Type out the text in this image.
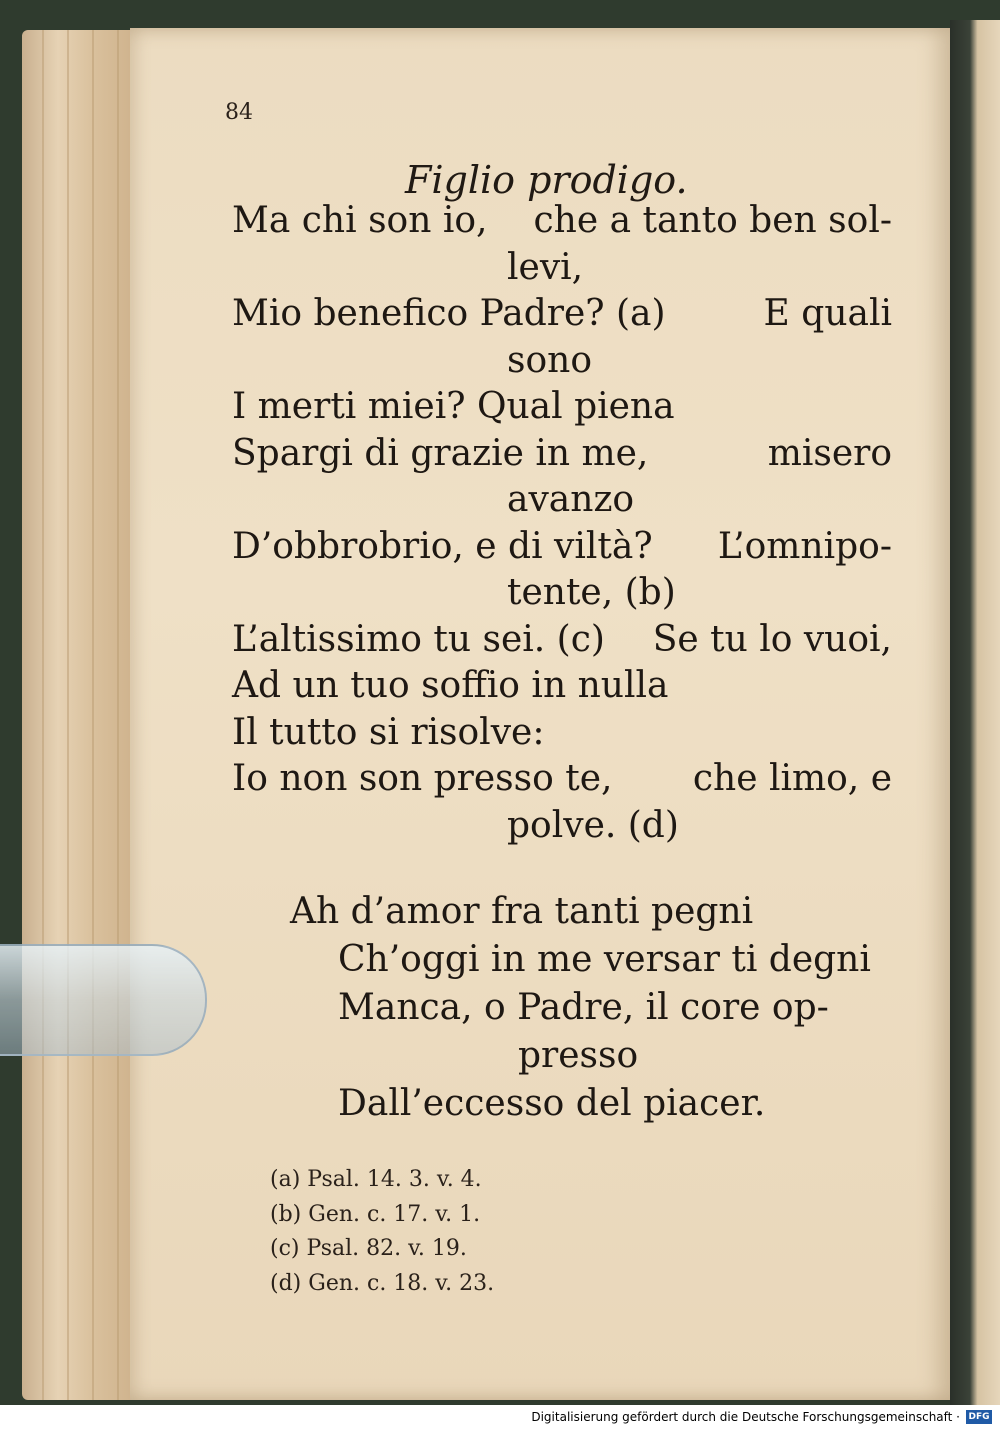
84
Figlio prodigo.
Ma chi son io, che a tanto ben sol-
levi,
Mio benefico Padre? (a)	E quali
sono
I merti miei? Qual piena
Spargi di grazie in me,	misero
avanzo
D’obbrobrio, e di viltà? L’omnipo-
tente, (b)
L’altissimo tu sei. (c) Se tu lo vuoi,
Ad un tuo soffio in nulla
Il tutto si risolve:
Io non son presso te, che limo, e
polve. (d)
Ah d’amor fra tanti pegni
Ch’oggi in me versar ti degni
Manca, o Padre, il core op-
presso
Dall’eccesso del piacer.
(a) Psal. 14. 3. v. 4.
(b) Gen. c. 17. v. 1.
(c) Psal. 82. v. 19.
(d) Gen. c. 18. v. 23.
Digitalisierung gefördert durch die Deutsche Forschungsgemeinschaft · DFG
